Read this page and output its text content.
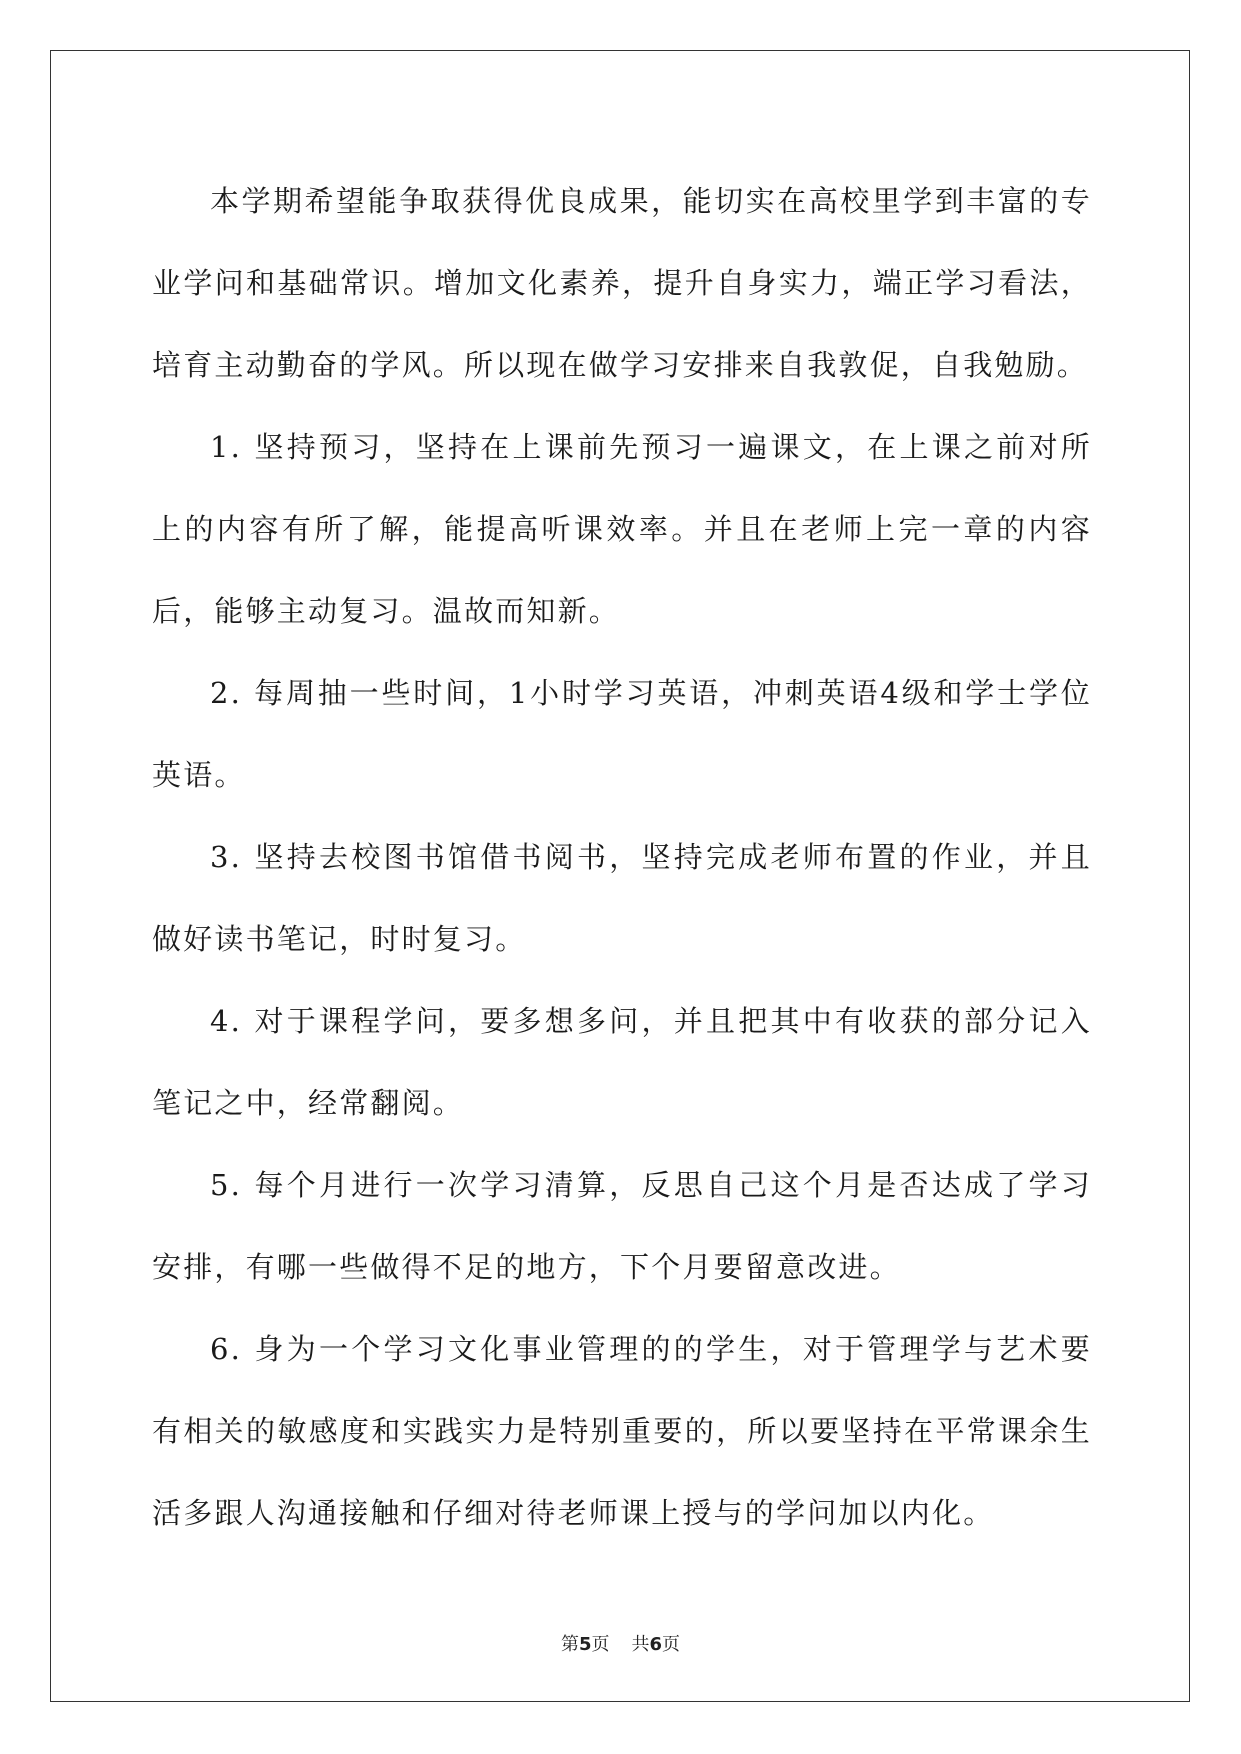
本学期希望能争取获得优良成果，能切实在高校里学到丰富的专业学问和基础常识。增加文化素养，提升自身实力，端正学习看法，培育主动勤奋的学风。所以现在做学习安排来自我敦促，自我勉励。

1. 坚持预习，坚持在上课前先预习一遍课文，在上课之前对所上的内容有所了解，能提高听课效率。并且在老师上完一章的内容后，能够主动复习。温故而知新。

2. 每周抽一些时间，1小时学习英语，冲刺英语4级和学士学位英语。

3. 坚持去校图书馆借书阅书，坚持完成老师布置的作业，并且做好读书笔记，时时复习。

4. 对于课程学问，要多想多问，并且把其中有收获的部分记入笔记之中，经常翻阅。

5. 每个月进行一次学习清算，反思自己这个月是否达成了学习安排，有哪一些做得不足的地方，下个月要留意改进。

6. 身为一个学习文化事业管理的的学生，对于管理学与艺术要有相关的敏感度和实践实力是特别重要的，所以要坚持在平常课余生活多跟人沟通接触和仔细对待老师课上授与的学问加以内化。

第5页 共6页
